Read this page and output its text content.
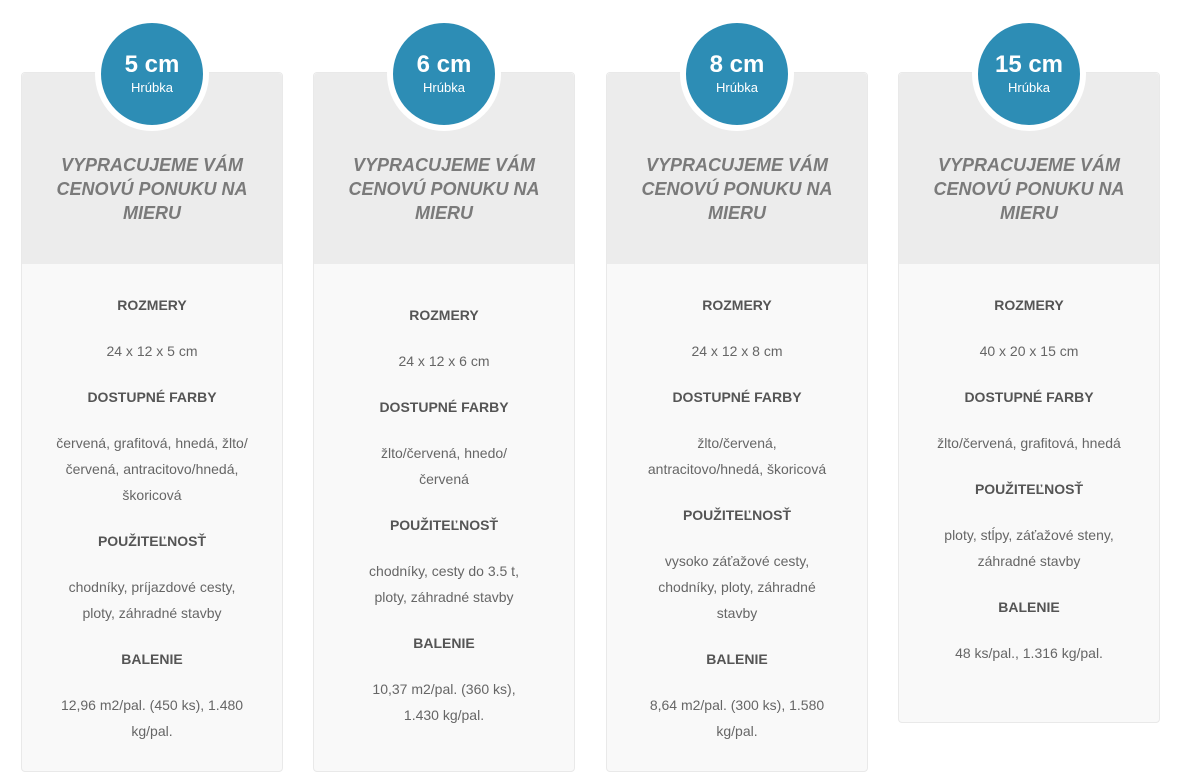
5 cm
Hrúbka
VYPRACUJEME VÁM CENOVÚ PONUKU NA MIERU

ROZMERY

24 x 12 x 5 cm

DOSTUPNÉ FARBY

červená, grafitová, hnedá, žlto/ červená, antracitovo/hnedá, škoricová

POUŽITEĽNOSŤ

chodníky, príjazdové cesty, ploty, záhradné stavby

BALENIE

12,96 m2/pal. (450 ks), 1.480 kg/pal.

6 cm
Hrúbka
VYPRACUJEME VÁM CENOVÚ PONUKU NA MIERU

ROZMERY

24 x 12 x 6 cm

DOSTUPNÉ FARBY

žlto/červená, hnedo/ červená

POUŽITEĽNOSŤ

chodníky, cesty do 3.5 t, ploty, záhradné stavby

BALENIE

10,37 m2/pal. (360 ks), 1.430 kg/pal.

8 cm
Hrúbka
VYPRACUJEME VÁM CENOVÚ PONUKU NA MIERU

ROZMERY

24 x 12 x 8 cm

DOSTUPNÉ FARBY

žlto/červená, antracitovo/hnedá, škoricová

POUŽITEĽNOSŤ

vysoko záťažové cesty, chodníky, ploty, záhradné stavby

BALENIE

8,64 m2/pal. (300 ks), 1.580 kg/pal.

15 cm
Hrúbka
VYPRACUJEME VÁM CENOVÚ PONUKU NA MIERU

ROZMERY

40 x 20 x 15 cm

DOSTUPNÉ FARBY

žlto/červená, grafitová, hnedá

POUŽITEĽNOSŤ

ploty, stĺpy, záťažové steny, záhradné stavby

BALENIE

48 ks/pal., 1.316 kg/pal.
